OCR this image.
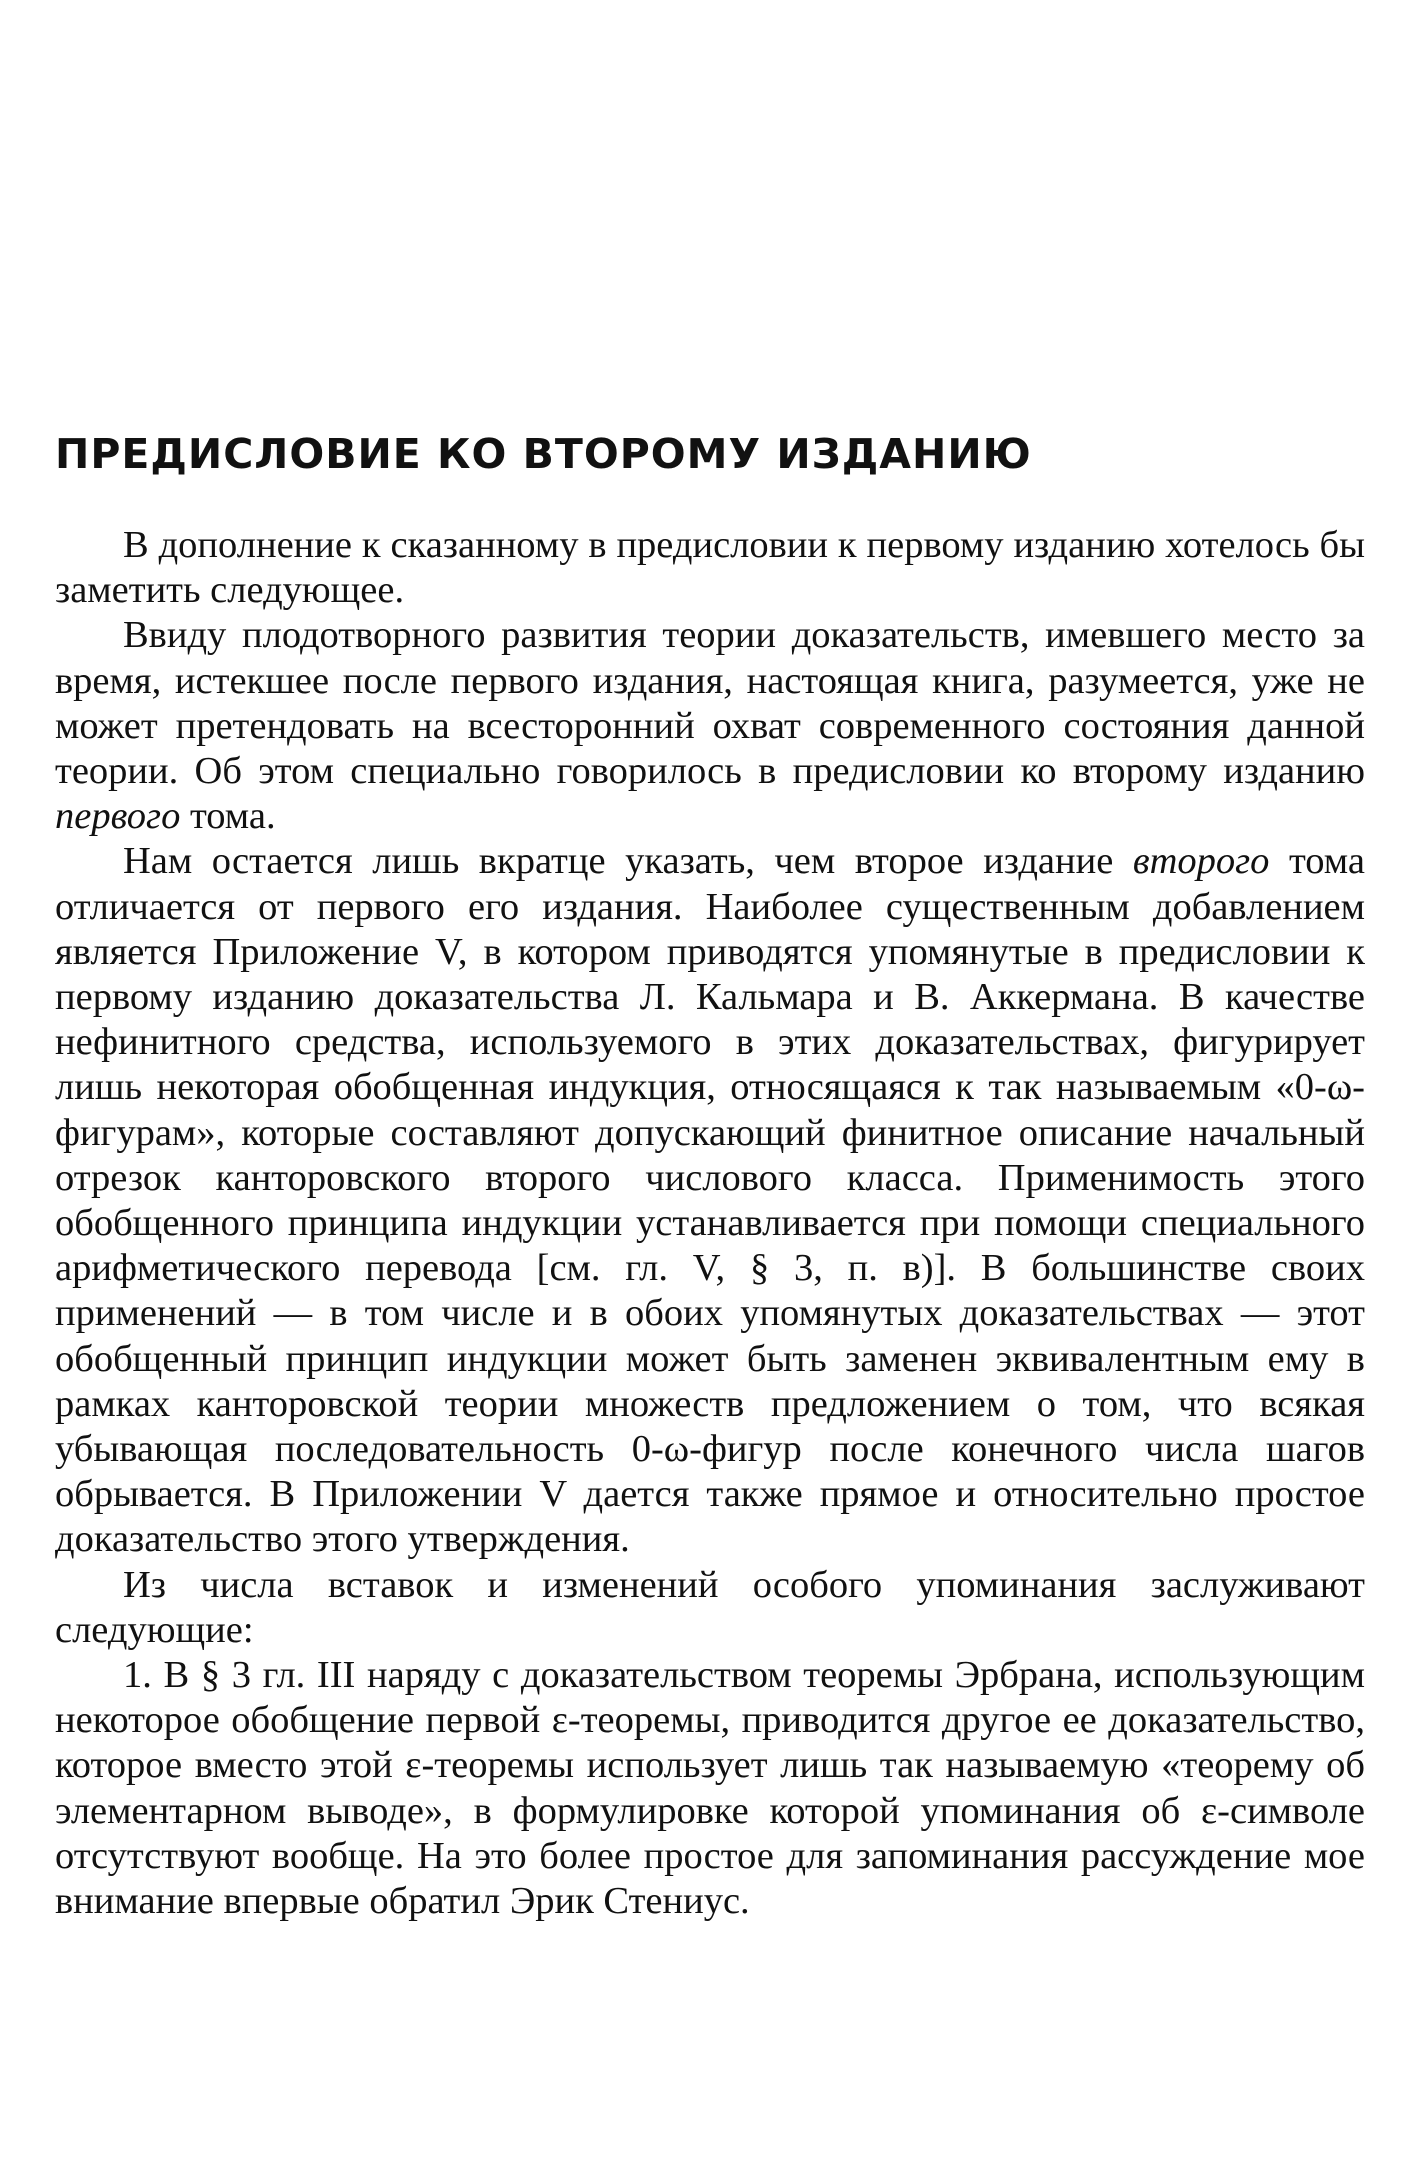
ПРЕДИСЛОВИЕ КО ВТОРОМУ ИЗДАНИЮ

В дополнение к сказанному в предисловии к первому изданию хотелось бы заметить следующее.

Ввиду плодотворного развития теории доказательств, имевшего место за время, истекшее после первого издания, настоящая книга, разумеется, уже не может претендовать на всесторонний охват современного состояния данной теории. Об этом специально говорилось в предисловии ко второму изданию первого тома.

Нам остается лишь вкратце указать, чем второе издание второго тома отличается от первого его издания. Наиболее существенным добавлением является Приложение V, в котором приводятся упомянутые в предисловии к первому изданию доказательства Л. Кальмара и В. Аккермана. В качестве нефинитного средства, используемого в этих доказательствах, фигурирует лишь некоторая обобщенная индукция, относящаяся к так называемым «0-ω-фигурам», которые составляют допускающий финитное описание начальный отрезок канторовского второго числового класса. Применимость этого обобщенного принципа индукции устанавливается при помощи специального арифметического перевода [см. гл. V, § 3, п. в)]. В большинстве своих применений — в том числе и в обоих упомянутых доказательствах — этот обобщенный принцип индукции может быть заменен эквивалентным ему в рамках канторовской теории множеств предложением о том, что всякая убывающая последовательность 0-ω-фигур после конечного числа шагов обрывается. В Приложении V дается также прямое и относительно простое доказательство этого утверждения.

Из числа вставок и изменений особого упоминания заслуживают следующие:

1. В § 3 гл. III наряду с доказательством теоремы Эрбрана, использующим некоторое обобщение первой ε-теоремы, приводится другое ее доказательство, которое вместо этой ε-теоремы использует лишь так называемую «теорему об элементарном выводе», в формулировке которой упоминания об ε-символе отсутствуют вообще. На это более простое для запоминания рассуждение мое внимание впервые обратил Эрик Стениус.
